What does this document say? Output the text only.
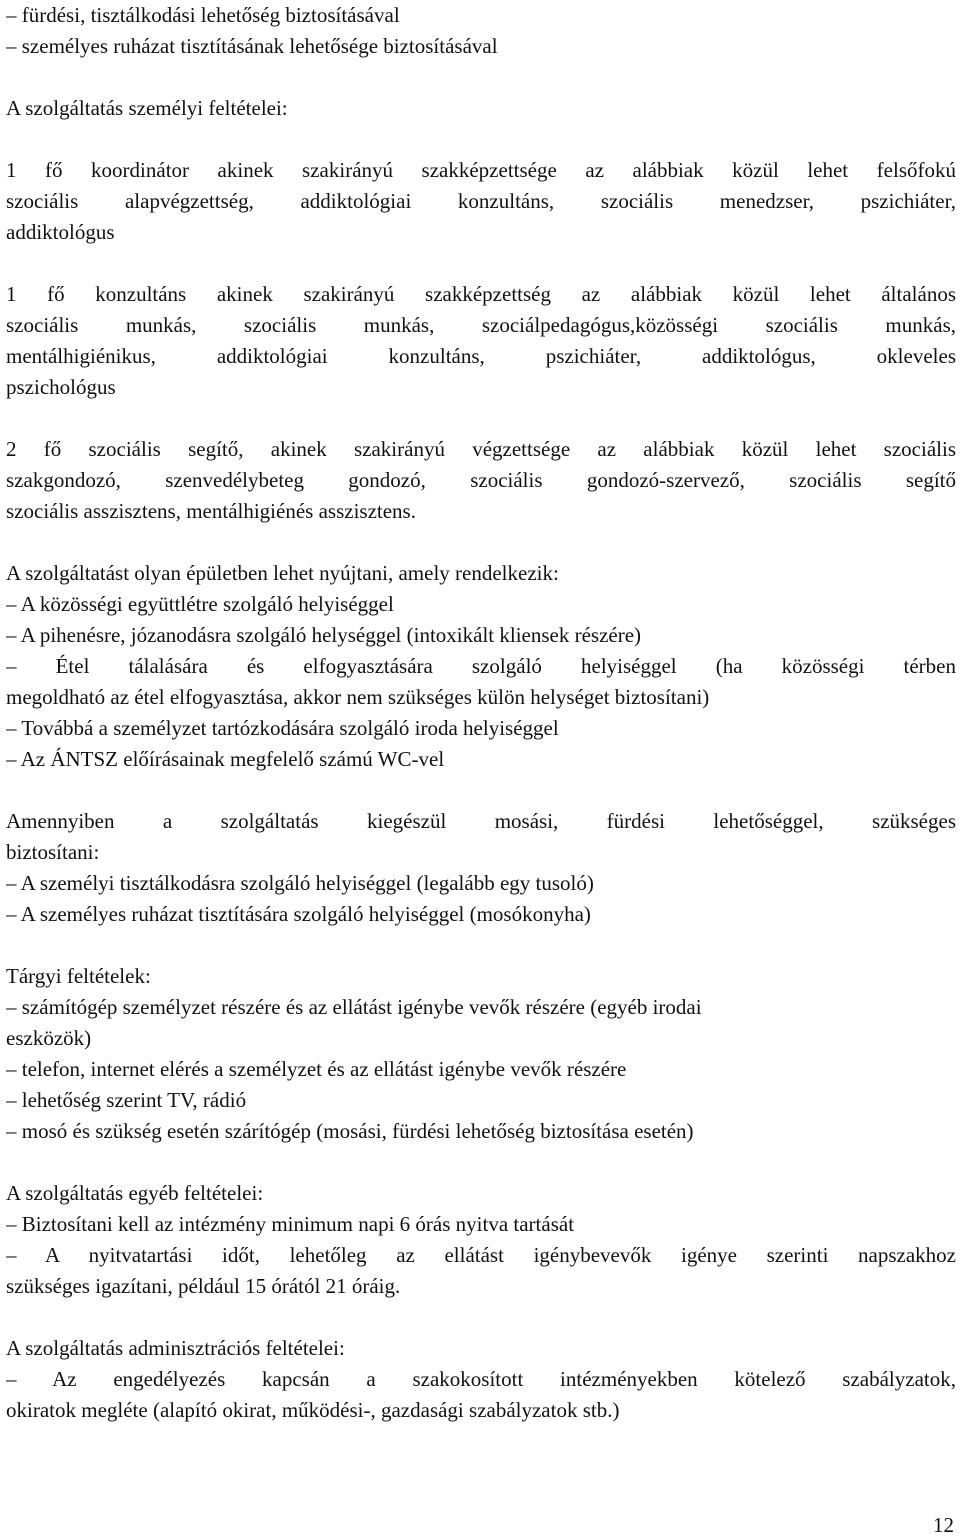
– fürdési, tisztálkodási lehetőség biztosításával
– személyes ruházat tisztításának lehetősége biztosításával
A szolgáltatás személyi feltételei:
1 fő koordinátor akinek szakirányú szakképzettsége az alábbiak közül lehet felsőfokú
szociális alapvégzettség, addiktológiai konzultáns, szociális menedzser, pszichiáter,
addiktológus
1 fő konzultáns akinek szakirányú szakképzettség az alábbiak közül lehet általános
szociális munkás, szociális munkás, szociálpedagógus,közösségi szociális munkás,
mentálhigiénikus, addiktológiai konzultáns, pszichiáter, addiktológus, okleveles
pszichológus
2 fő szociális segítő, akinek szakirányú végzettsége az alábbiak közül lehet szociális
szakgondozó, szenvedélybeteg gondozó, szociális gondozó-szervező, szociális segítő
szociális asszisztens, mentálhigiénés asszisztens.
A szolgáltatást olyan épületben lehet nyújtani, amely rendelkezik:
– A közösségi együttlétre szolgáló helyiséggel
– A pihenésre, józanodásra szolgáló helységgel (intoxikált kliensek részére)
– Étel tálalására és elfogyasztására szolgáló helyiséggel (ha közösségi térben
megoldható az étel elfogyasztása, akkor nem szükséges külön helységet biztosítani)
– Továbbá a személyzet tartózkodására szolgáló iroda helyiséggel
– Az ÁNTSZ előírásainak megfelelő számú WC-vel
Amennyiben a szolgáltatás kiegészül mosási, fürdési lehetőséggel, szükséges
biztosítani:
– A személyi tisztálkodásra szolgáló helyiséggel (legalább egy tusoló)
– A személyes ruházat tisztítására szolgáló helyiséggel (mosókonyha)
Tárgyi feltételek:
– számítógép személyzet részére és az ellátást igénybe vevők részére (egyéb irodai
eszközök)
– telefon, internet elérés a személyzet és az ellátást igénybe vevők részére
– lehetőség szerint TV, rádió
– mosó és szükség esetén szárítógép (mosási, fürdési lehetőség biztosítása esetén)
A szolgáltatás egyéb feltételei:
– Biztosítani kell az intézmény minimum napi 6 órás nyitva tartását
– A nyitvatartási időt, lehetőleg az ellátást igénybevevők igénye szerinti napszakhoz
szükséges igazítani, például 15 órától 21 óráig.
A szolgáltatás adminisztrációs feltételei:
– Az engedélyezés kapcsán a szakokosított intézményekben kötelező szabályzatok,
okiratok megléte (alapító okirat, működési-, gazdasági szabályzatok stb.)
12
